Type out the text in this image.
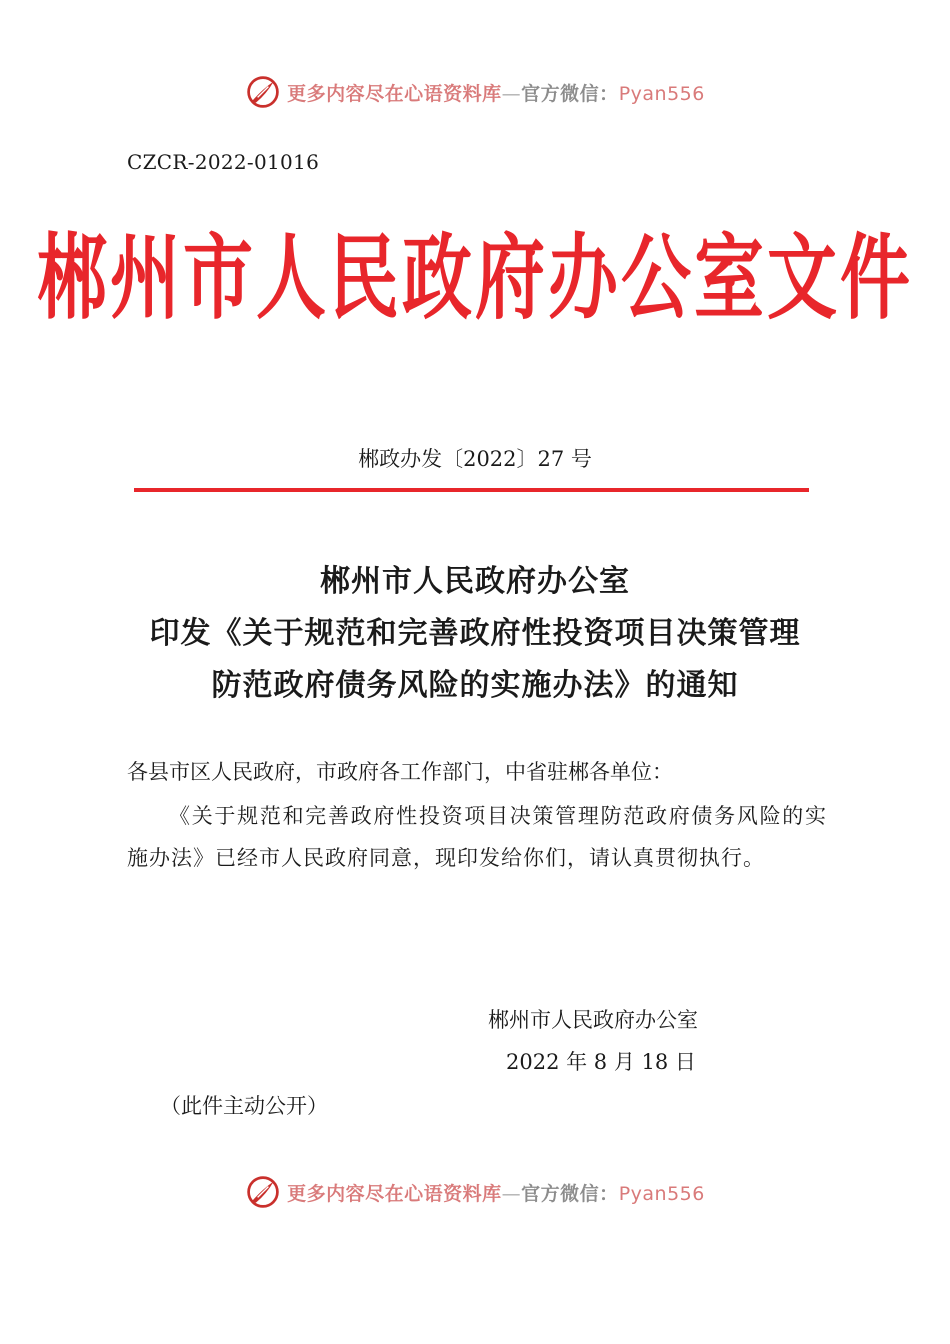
更多内容尽在心语资料库—官方微信：Pyan556
CZCR-2022-01016
郴州市人民政府办公室文件
郴政办发〔2022〕27 号
郴州市人民政府办公室
印发《关于规范和完善政府性投资项目决策管理
防范政府债务风险的实施办法》的通知
各县市区人民政府，市政府各工作部门，中省驻郴各单位：
《关于规范和完善政府性投资项目决策管理防范政府债务风险的实施办法》已经市人民政府同意，现印发给你们，请认真贯彻执行。
郴州市人民政府办公室
2022 年 8 月 18 日
（此件主动公开）
更多内容尽在心语资料库—官方微信：Pyan556
